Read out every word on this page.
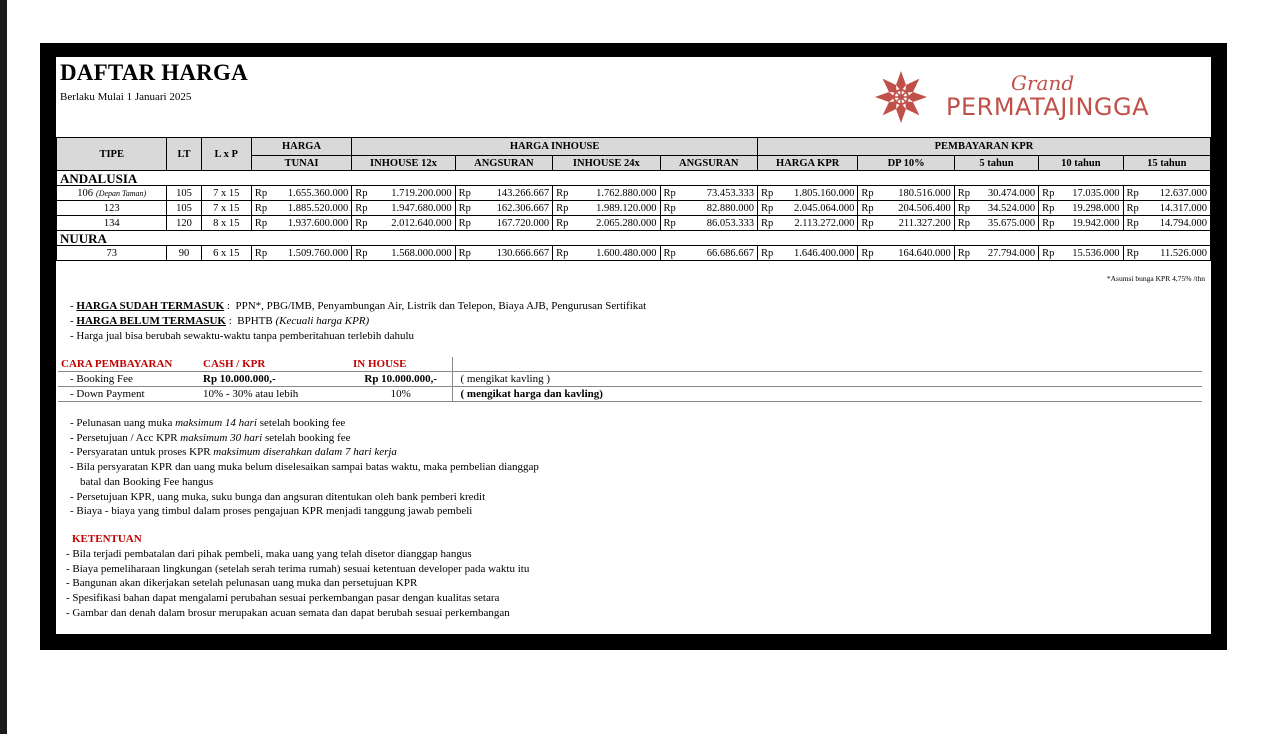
DAFTAR HARGA
Berlaku Mulai 1 Januari 2025
Grand
PERMATAJINGGA
TIPE	LT	L x P	HARGA	HARGA INHOUSE				PEMBAYARAN KPR				
			TUNAI	INHOUSE 12x	ANGSURAN	INHOUSE 24x	ANGSURAN	HARGA KPR	DP 10%	5 tahun	10 tahun	15 tahun
ANDALUSIA												
106 (Depan Taman)	105	7 x 15	Rp 1.655.360.000	Rp 1.719.200.000	Rp 143.266.667	Rp 1.762.880.000	Rp 73.453.333	Rp 1.805.160.000	Rp 180.516.000	Rp 30.474.000	Rp 17.035.000	Rp 12.637.000

123	105	7 x 15	Rp 1.885.520.000	Rp 1.947.680.000	Rp 162.306.667	Rp 1.989.120.000	Rp 82.880.000	Rp 2.045.064.000	Rp 204.506.400	Rp 34.524.000	Rp 19.298.000	Rp 14.317.000

134	120	8 x 15	Rp 1.937.600.000	Rp 2.012.640.000	Rp 167.720.000	Rp 2.065.280.000	Rp 86.053.333	Rp 2.113.272.000	Rp 211.327.200	Rp 35.675.000	Rp 19.942.000	Rp 14.794.000

NUURA												
73	90	6 x 15	Rp 1.509.760.000	Rp 1.568.000.000	Rp 130.666.667	Rp 1.600.480.000	Rp 66.686.667	Rp 1.646.400.000	Rp 164.640.000	Rp 27.794.000	Rp 15.536.000	Rp 11.526.000
*Asumsi bunga KPR 4,75% /thn
- HARGA SUDAH TERMASUK :  PPN*, PBG/IMB, Penyambungan Air, Listrik dan Telepon, Biaya AJB, Pengurusan Sertifikat
- HARGA BELUM TERMASUK :  BPHTB (Kecuali harga KPR)
- Harga jual bisa berubah sewaktu-waktu tanpa pemberitahuan terlebih dahulu
CARA PEMBAYARAN	CASH / KPR	IN HOUSE	
- Booking Fee	Rp 10.000.000,-	Rp 10.000.000,-	( mengikat kavling )
- Down Payment	10% - 30% atau lebih	10%	( mengikat harga dan kavling)
- Pelunasan uang muka maksimum 14 hari setelah booking fee
- Persetujuan / Acc KPR maksimum 30 hari setelah booking fee
- Persyaratan untuk proses KPR maksimum diserahkan dalam 7 hari kerja
- Bila persyaratan KPR dan uang muka belum diselesaikan sampai batas waktu, maka pembelian dianggap
batal dan Booking Fee hangus
- Persetujuan KPR, uang muka, suku bunga dan angsuran ditentukan oleh bank pemberi kredit
- Biaya - biaya yang timbul dalam proses pengajuan KPR menjadi tanggung jawab pembeli
KETENTUAN
- Bila terjadi pembatalan dari pihak pembeli, maka uang yang telah disetor dianggap hangus
- Biaya pemeliharaan lingkungan (setelah serah terima rumah) sesuai ketentuan developer pada waktu itu
- Bangunan akan dikerjakan setelah pelunasan uang muka dan persetujuan KPR
- Spesifikasi bahan dapat mengalami perubahan sesuai perkembangan pasar dengan kualitas setara
- Gambar dan denah dalam brosur merupakan acuan semata dan dapat berubah sesuai perkembangan
